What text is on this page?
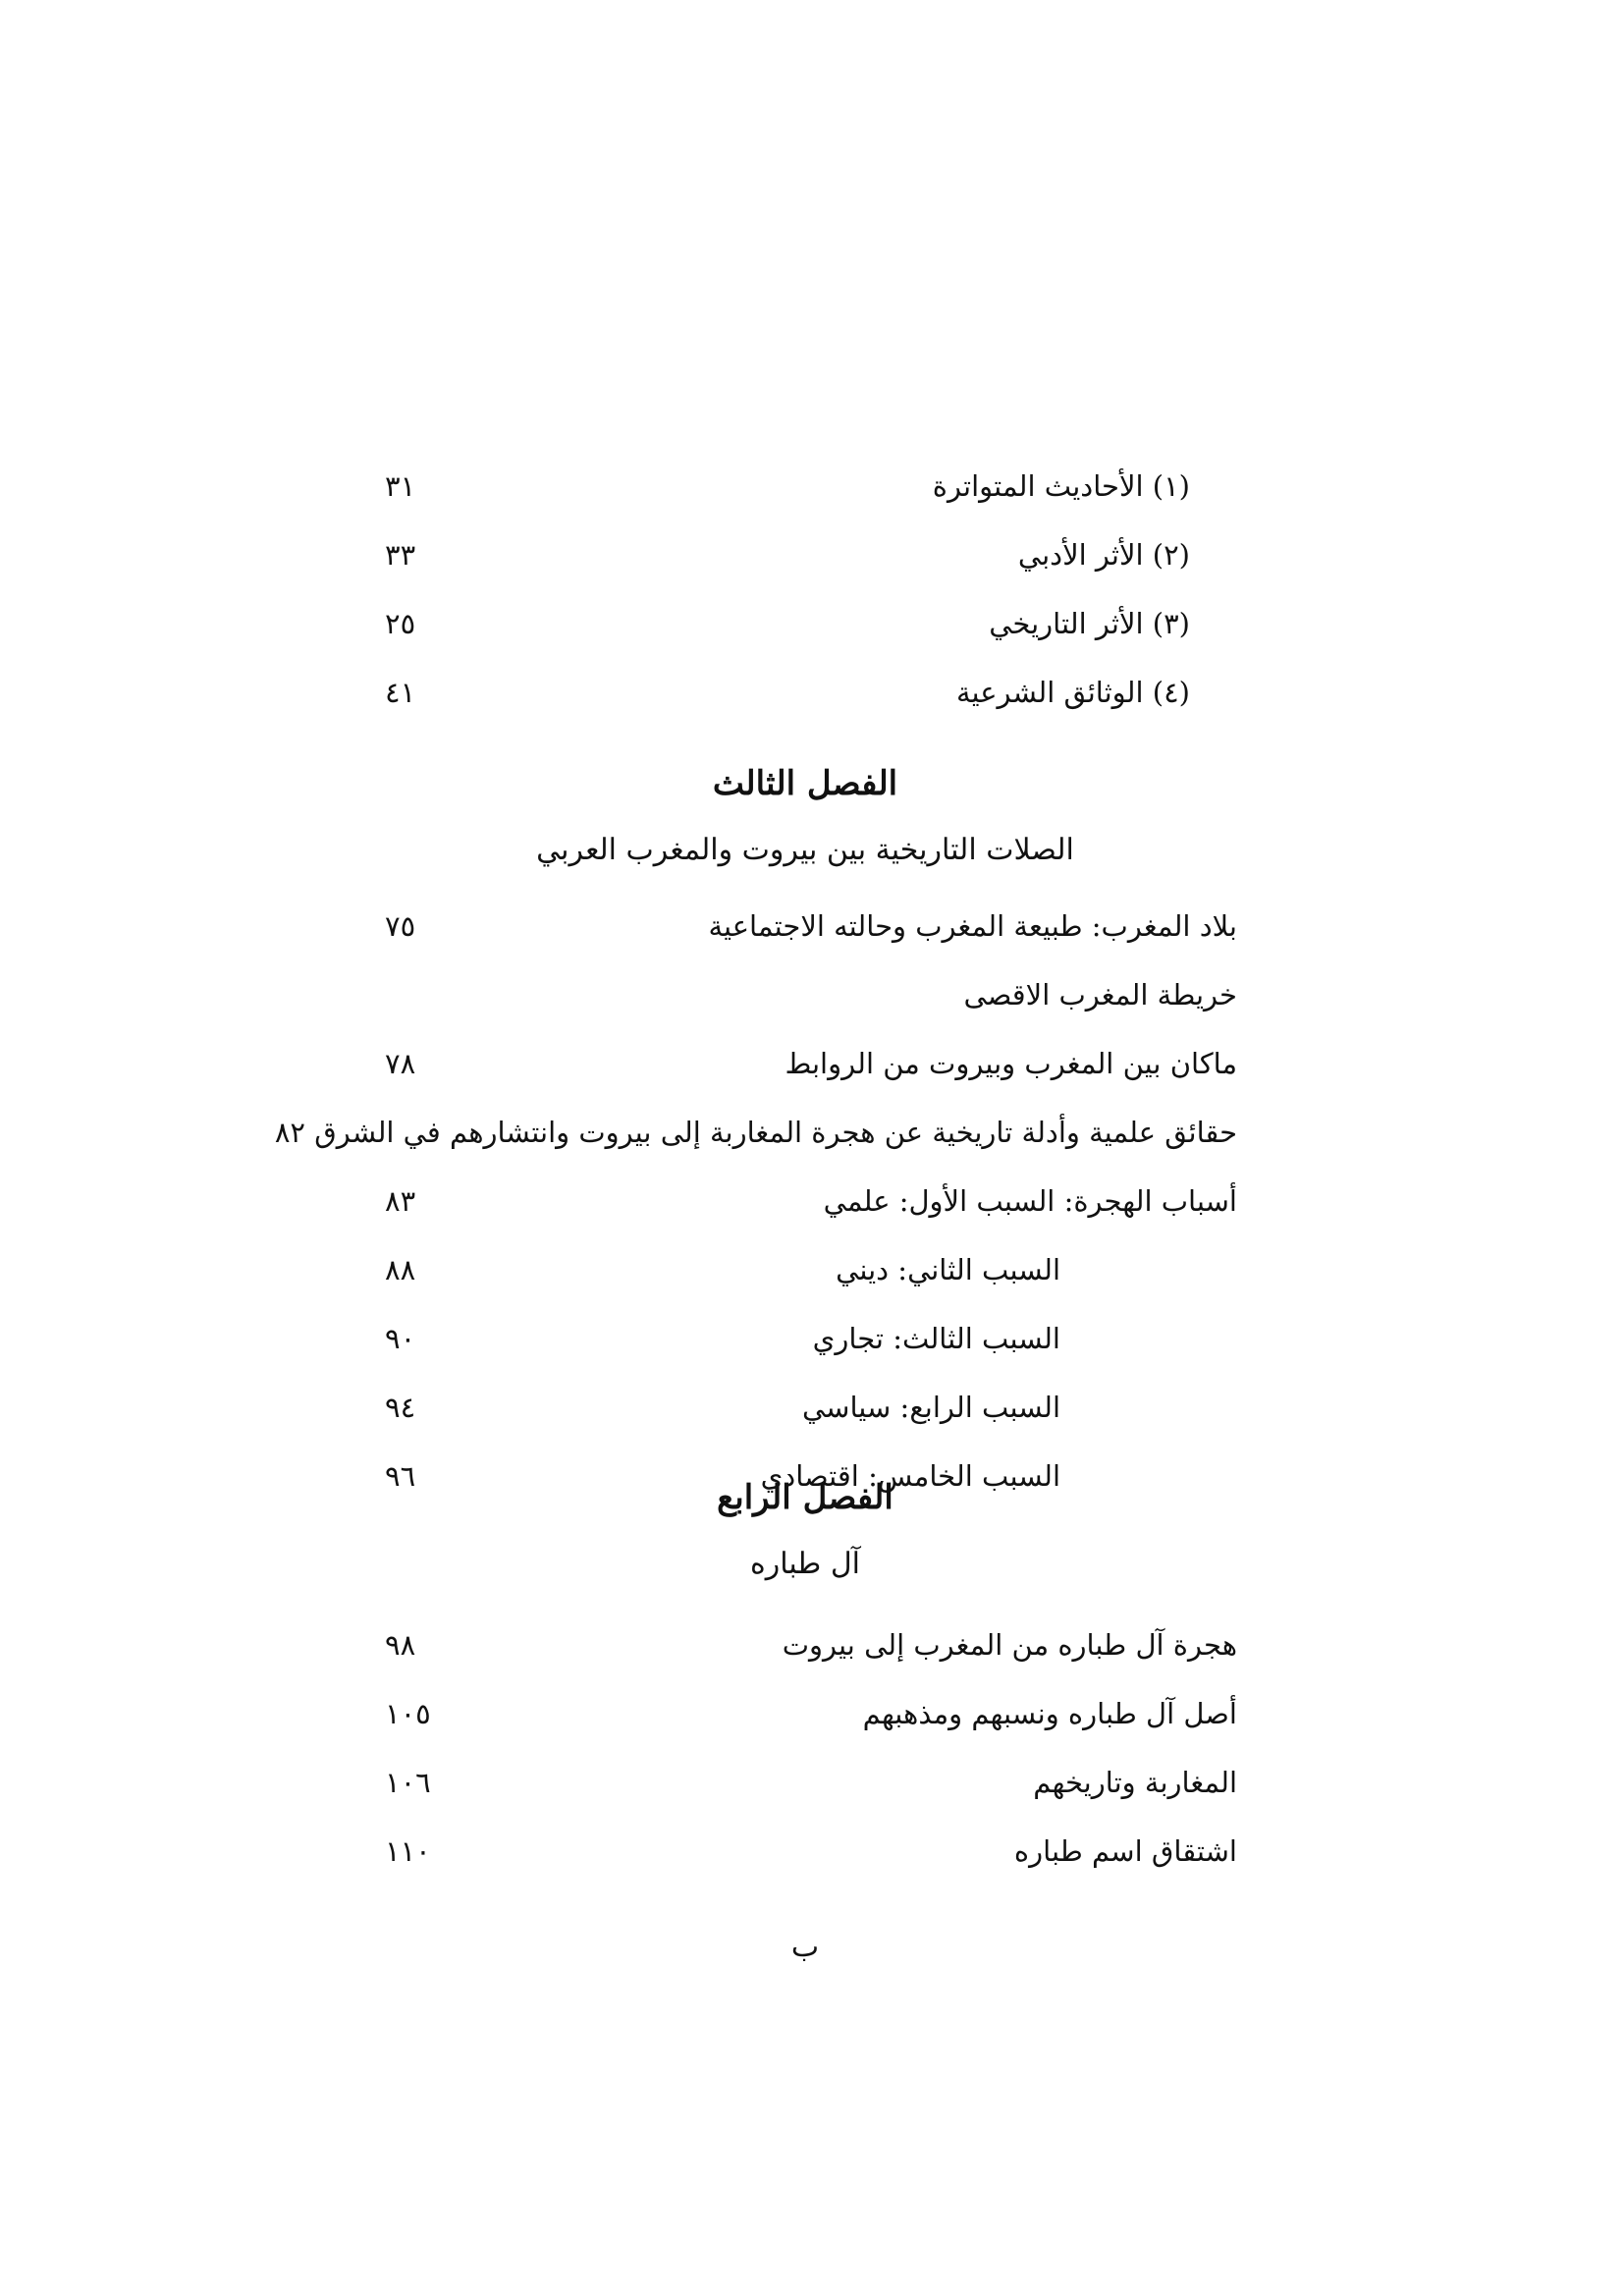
(١) الأحاديث المتواترة
٣١
(٢) الأثر الأدبي
٣٣
(٣) الأثر التاريخي
٢٥
(٤) الوثائق الشرعية
٤١
الفصل الثالث
الصلات التاريخية بين بيروت والمغرب العربي
بلاد المغرب: طبيعة المغرب وحالته الاجتماعية
٧٥
خريطة المغرب الاقصى
ماكان بين المغرب وبيروت من الروابط
٧٨
حقائق علمية وأدلة تاريخية عن هجرة المغاربة إلى بيروت وانتشارهم في الشرق ٨٢
أسباب الهجرة: السبب الأول: علمي
٨٣
السبب الثاني: ديني
٨٨
السبب الثالث: تجاري
٩٠
السبب الرابع: سياسي
٩٤
السبب الخامس: اقتصادي
٩٦
الفصل الرابع
آل طباره
هجرة آل طباره من المغرب إلى بيروت
٩٨
أصل آل طباره ونسبهم ومذهبهم
١٠٥
المغاربة وتاريخهم
١٠٦
اشتقاق اسم طباره
١١٠
ب
